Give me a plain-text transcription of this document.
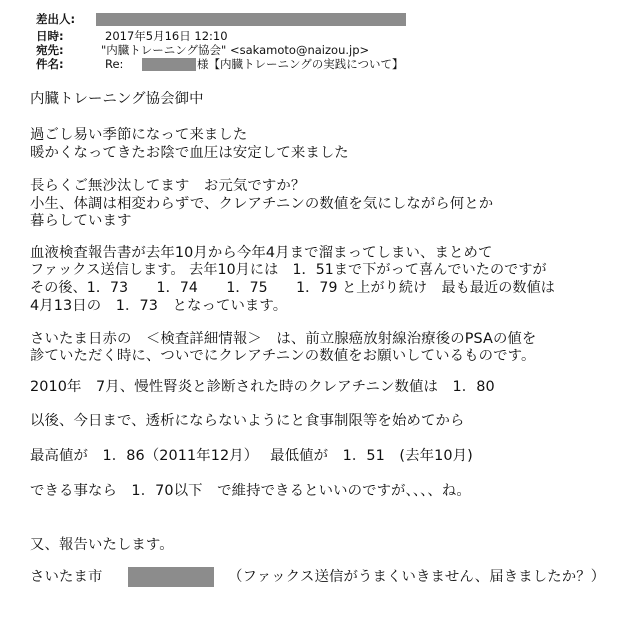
差出人:
日時:	2017年5月16日 12:10
宛先:	"内臓トレーニング協会" <sakamoto@naizou.jp>
件名:	Re:	様【内臓トレーニングの実践について】
内臓トレーニング協会御中
過ごし易い季節になって来ました
暖かくなってきたお陰で血圧は安定して来ました
長らくご無沙汰してます　お元気ですか？
小生、体調は相変わらずで、クレアチニンの数値を気にしながら何とか
暮らしています
血液検査報告書が去年10月から今年4月まで溜まってしまい、まとめて
ファックス送信します。 去年10月には　1．51まで下がって喜んでいたのですが
その後、1．73　　1．74　　1．75　　1．79 と上がり続け　最も最近の数値は
4月13日の　1．73　となっています。
さいたま日赤の　＜検査詳細情報＞　は、前立腺癌放射線治療後のPSAの値を
診ていただく時に、ついでにクレアチニンの数値をお願いしているものです。
2010年　7月、慢性腎炎と診断された時のクレアチニン数値は　1．80
以後、今日まで、透析にならないようにと食事制限等を始めてから
最高値が　1．86（2011年12月）　 最低値が　1．51　(去年10月)
できる事なら　1．70以下　で維持できるといいのですが、、、、ね。
又、報告いたします。
さいたま市	（ファックス送信がうまくいきません、届きましたか？）
